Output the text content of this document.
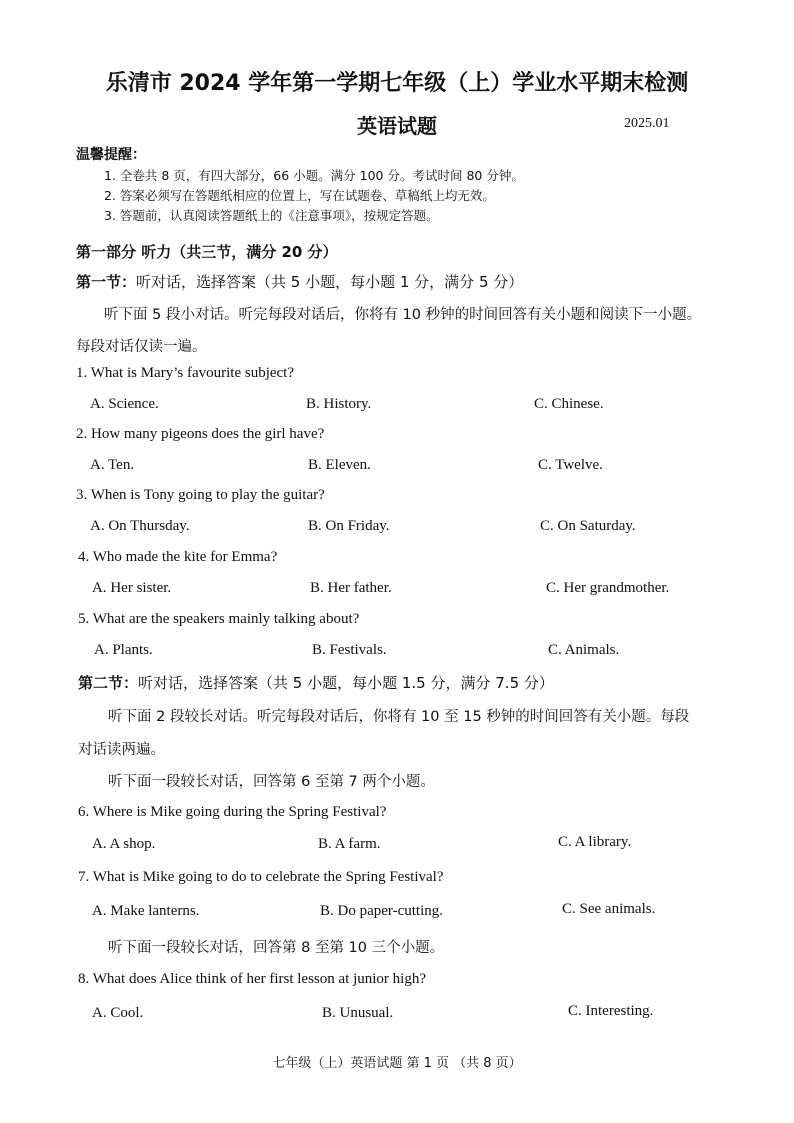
乐清市 2024 学年第一学期七年级（上）学业水平期末检测
英语试题	2025.01
温馨提醒：
1. 全卷共 8 页，有四大部分，66 小题。满分 100 分。考试时间 80 分钟。
2. 答案必须写在答题纸相应的位置上，写在试题卷、草稿纸上均无效。
3. 答题前，认真阅读答题纸上的《注意事项》，按规定答题。
第一部分 听力（共三节，满分 20 分）
第一节：听对话，选择答案（共 5 小题，每小题 1 分，满分 5 分）
听下面 5 段小对话。听完每段对话后，你将有 10 秒钟的时间回答有关小题和阅读下一小题。
每段对话仅读一遍。
1. What is Mary’s favourite subject?
A. Science.	B. History.	C. Chinese.
2. How many pigeons does the girl have?
A. Ten.	B. Eleven.	C. Twelve.
3. When is Tony going to play the guitar?
A. On Thursday.	B. On Friday.	C. On Saturday.
4. Who made the kite for Emma?
A. Her sister.	B. Her father.	C. Her grandmother.
5. What are the speakers mainly talking about?
A. Plants.	B. Festivals.	C. Animals.
第二节：听对话，选择答案（共 5 小题，每小题 1.5 分，满分 7.5 分）
听下面 2 段较长对话。听完每段对话后，你将有 10 至 15 秒钟的时间回答有关小题。每段
对话读两遍。
听下面一段较长对话，回答第 6 至第 7 两个小题。
6. Where is Mike going during the Spring Festival?
A. A shop.	B. A farm.	C. A library.
7. What is Mike going to do to celebrate the Spring Festival?
A. Make lanterns.	B. Do paper-cutting.	C. See animals.
听下面一段较长对话，回答第 8 至第 10 三个小题。
8. What does Alice think of her first lesson at junior high?
A. Cool.	B. Unusual.	C. Interesting.
七年级（上）英语试题 第 1 页 （共 8 页）
